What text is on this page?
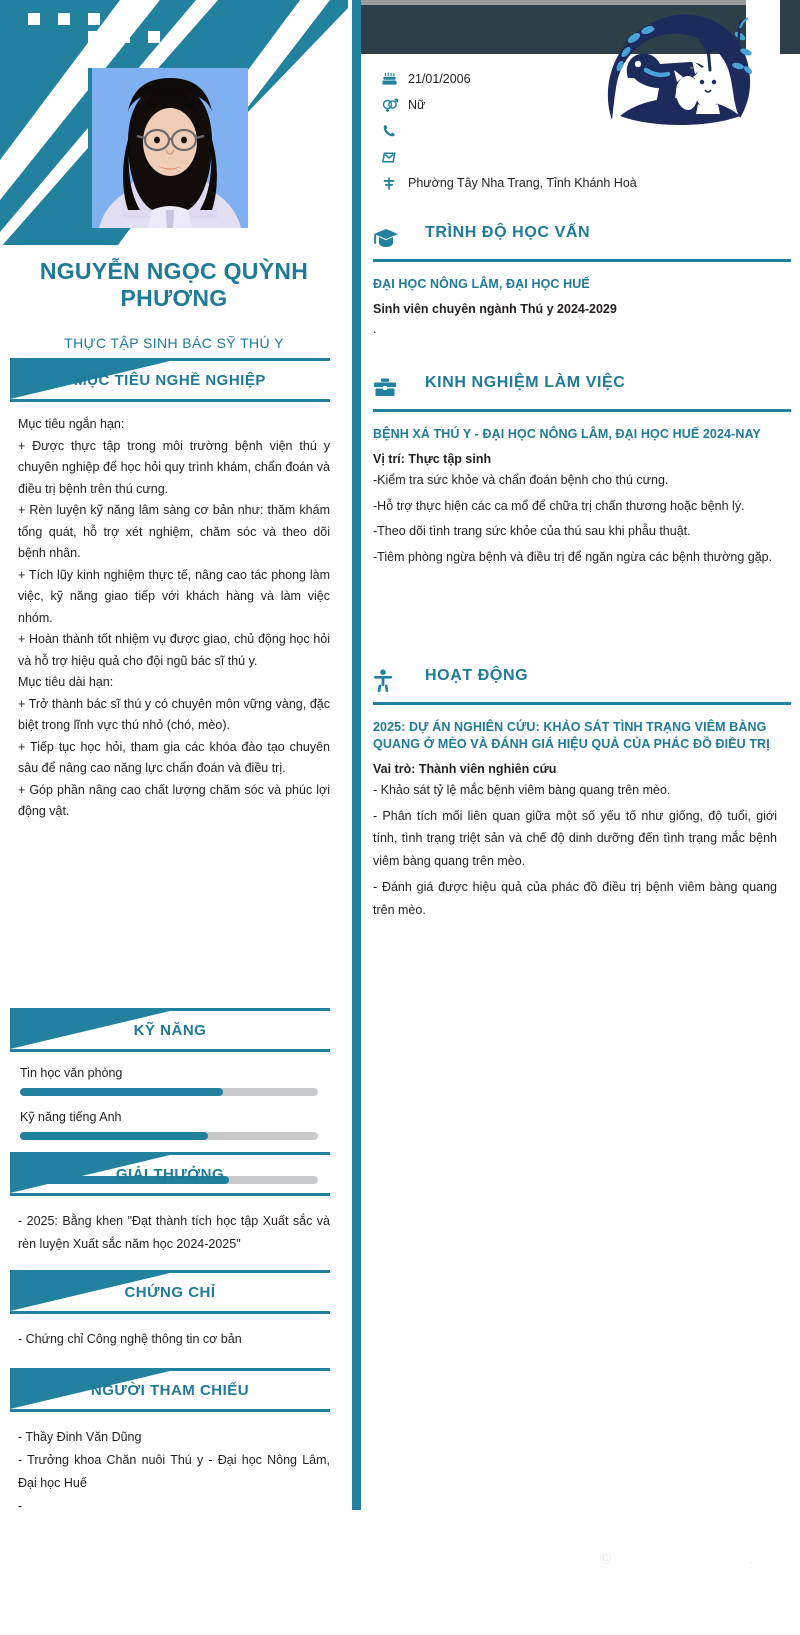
NGUYỄN NGỌC QUỲNH PHƯƠNG
THỰC TẬP SINH BÁC SỸ THÚ Y
MỤC TIÊU NGHỀ NGHIỆP

Mục tiêu ngắn hạn:

+ Được thực tập trong môi trường bệnh viện thú y chuyên nghiệp để học hỏi quy trình khám, chẩn đoán và điều trị bệnh trên thú cưng.

+ Rèn luyện kỹ năng lâm sàng cơ bản như: thăm khám tổng quát, hỗ trợ xét nghiệm, chăm sóc và theo dõi bệnh nhân.

+ Tích lũy kinh nghiệm thực tế, nâng cao tác phong làm việc, kỹ năng giao tiếp với khách hàng và làm việc nhóm.

+ Hoàn thành tốt nhiệm vụ được giao, chủ động học hỏi và hỗ trợ hiệu quả cho đội ngũ bác sĩ thú y.

Mục tiêu dài hạn:

+ Trở thành bác sĩ thú y có chuyên môn vững vàng, đặc biệt trong lĩnh vực thú nhỏ (chó, mèo).

+ Tiếp tục học hỏi, tham gia các khóa đào tạo chuyên sâu để nâng cao năng lực chẩn đoán và điều trị.

+ Góp phần nâng cao chất lượng chăm sóc và phúc lợi động vật.

KỸ NĂNG
Tin học văn phòng
Kỹ năng tiếng Anh
GIẢI THƯỞNG

- 2025: Bằng khen "Đạt thành tích học tập Xuất sắc và rèn luyện Xuất sắc năm học 2024-2025"

CHỨNG CHỈ

- Chứng chỉ Công nghệ thông tin cơ bản

NGƯỜI THAM CHIẾU

- Thầy Đinh Văn Dũng

- Trưởng khoa Chăn nuôi Thú y - Đại học Nông Lâm, Đại học Huế

-

21/01/2006
Nữ
Phường Tây Nha Trang, Tỉnh Khánh Hoà
TRÌNH ĐỘ HỌC VẤN
ĐẠI HỌC NÔNG LÂM, ĐẠI HỌC HUẾ
Sinh viên chuyên ngành Thú y 2024-2029
.
KINH NGHIỆM LÀM VIỆC
BỆNH XÁ THÚ Y - ĐẠI HỌC NÔNG LÂM, ĐẠI HỌC HUẾ 2024-NAY
Vị trí: Thực tập sinh
-Kiểm tra sức khỏe và chẩn đoán bệnh cho thú cưng.
-Hỗ trợ thực hiện các ca mổ để chữa trị chấn thương hoặc bệnh lý.
-Theo dõi tình trang sức khỏe của thú sau khi phẫu thuật.
-Tiêm phòng ngừa bệnh và điều trị để ngăn ngừa các bệnh thường gặp.
HOẠT ĐỘNG
2025: DỰ ÁN NGHIÊN CỨU: KHẢO SÁT TÌNH TRẠNG VIÊM BÀNG QUANG Ở MÈO VÀ ĐÁNH GIÁ HIỆU QUẢ CỦA PHÁC ĐỒ ĐIỀU TRỊ
Vai trò: Thành viên nghiên cứu
- Khảo sát tỷ lệ mắc bệnh viêm bàng quang trên mèo.
- Phân tích mối liên quan giữa một số yếu tố như giống, độ tuổi, giới tính, tình trạng triệt sản và chế độ dinh dưỡng đến tình trạng mắc bệnh viêm bàng quang trên mèo.
- Đánh giá được hiệu quả của phác đồ điều trị bệnh viêm bàng quang trên mèo.
Ⓒ	.
